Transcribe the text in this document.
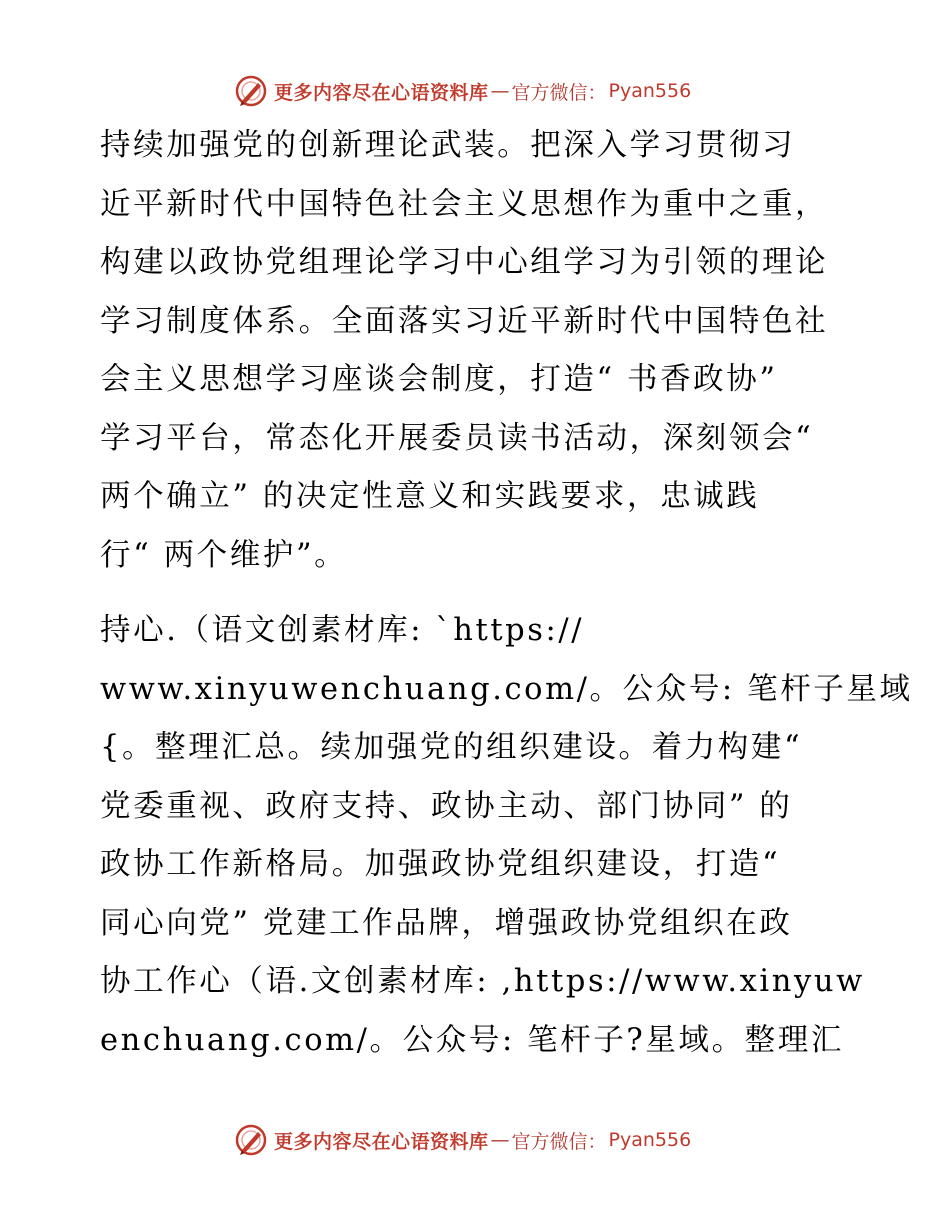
更多内容尽在心语资料库 — 官方微信： Pyan556
持续加强党的创新理论武装。把深入学习贯彻习
近平新时代中国特色社会主义思想作为重中之重，
构建以政协党组理论学习中心组学习为引领的理论
学习制度体系。全面落实习近平新时代中国特色社
会主义思想学习座谈会制度，打造“ 书香政协”
学习平台，常态化开展委员读书活动，深刻领会“
两个确立” 的决定性意义和实践要求，忠诚践
行“ 两个维护”。
持心.（语文创素材库: `https://
www.xinyuwenchuang.com/。公众号: 笔杆子星域
{。整理汇总。续加强党的组织建设。着力构建“
党委重视、政府支持、政协主动、部门协同” 的
政协工作新格局。加强政协党组织建设，打造“
同心向党” 党建工作品牌，增强政协党组织在政
协工作心（语.文创素材库: ,https://www.xinyuw
enchuang.com/。公众号: 笔杆子?星域。整理汇
更多内容尽在心语资料库 — 官方微信： Pyan556
